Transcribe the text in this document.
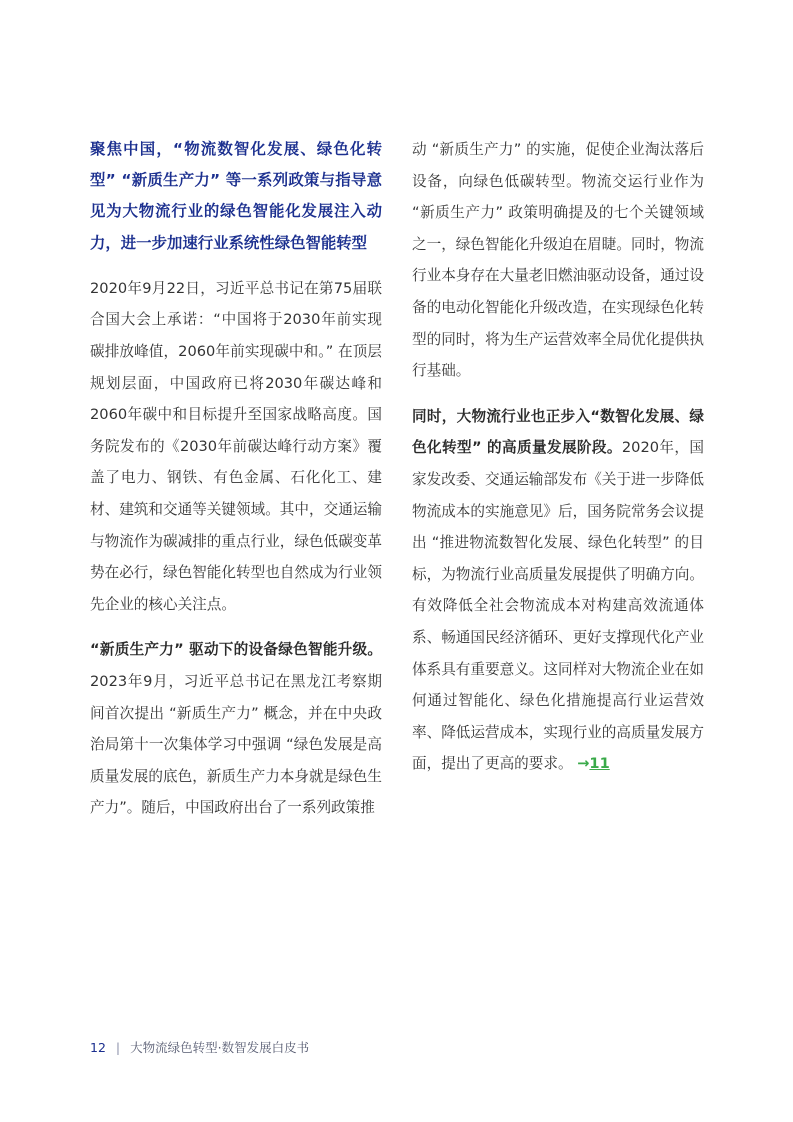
聚焦中国，“物流数智化发展、绿色化转型” “新质生产力” 等一系列政策与指导意见为大物流行业的绿色智能化发展注入动力，进一步加速行业系统性绿色智能转型

2020年9月22日，习近平总书记在第75届联合国大会上承诺：“中国将于2030年前实现碳排放峰值，2060年前实现碳中和。” 在顶层规划层面，中国政府已将2030年碳达峰和2060年碳中和目标提升至国家战略高度。国务院发布的《2030年前碳达峰行动方案》覆盖了电力、钢铁、有色金属、石化化工、建材、建筑和交通等关键领域。其中，交通运输与物流作为碳减排的重点行业，绿色低碳变革势在必行，绿色智能化转型也自然成为行业领先企业的核心关注点。

“新质生产力” 驱动下的设备绿色智能升级。2023年9月，习近平总书记在黑龙江考察期间首次提出 “新质生产力” 概念，并在中央政治局第十一次集体学习中强调 “绿色发展是高质量发展的底色，新质生产力本身就是绿色生产力”。随后，中国政府出台了一系列政策推

动 “新质生产力” 的实施，促使企业淘汰落后设备，向绿色低碳转型。物流交运行业作为 “新质生产力” 政策明确提及的七个关键领域之一，绿色智能化升级迫在眉睫。同时，物流行业本身存在大量老旧燃油驱动设备，通过设备的电动化智能化升级改造，在实现绿色化转型的同时，将为生产运营效率全局优化提供执行基础。

同时，大物流行业也正步入“数智化发展、绿色化转型” 的高质量发展阶段。2020年，国家发改委、交通运输部发布《关于进一步降低物流成本的实施意见》后，国务院常务会议提出 “推进物流数智化发展、绿色化转型” 的目标，为物流行业高质量发展提供了明确方向。有效降低全社会物流成本对构建高效流通体系、畅通国民经济循环、更好支撑现代化产业体系具有重要意义。这同样对大物流企业在如何通过智能化、绿色化措施提高行业运营效率、降低运营成本，实现行业的高质量发展方面，提出了更高的要求。 →11

12 | 大物流绿色转型·数智发展白皮书
